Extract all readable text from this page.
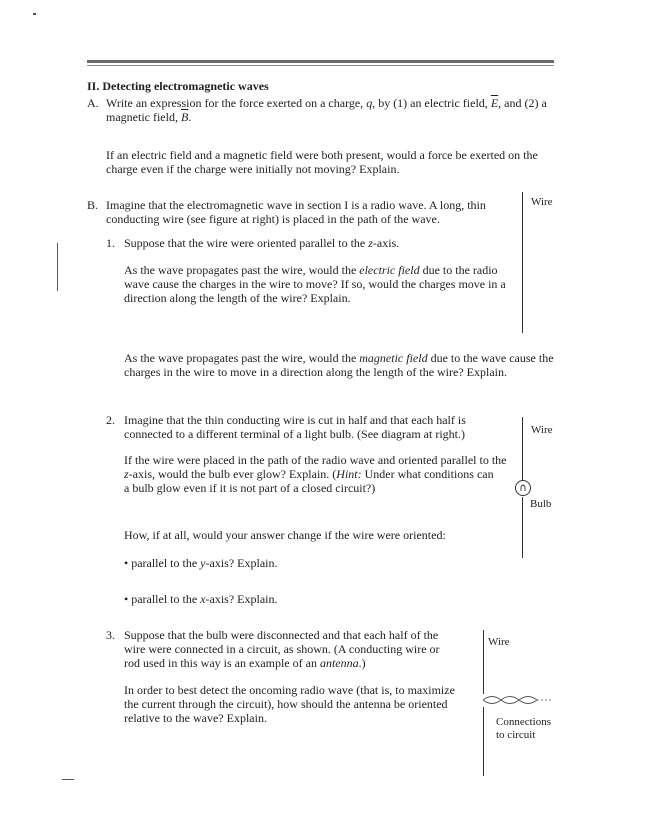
II. Detecting electromagnetic waves
A. Write an expression for the force exerted on a charge, q, by (1) an electric field, $\overline{E}$, and (2) a
magnetic field, $\overline{B}$.
If an electric field and a magnetic field were both present, would a force be exerted on the
charge even if the charge were initially not moving? Explain.
B. Imagine that the electromagnetic wave in section I is a radio wave. A long, thin
conducting wire (see figure at right) is placed in the path of the wave.
Wire
1. Suppose that the wire were oriented parallel to the z-axis.
As the wave propagates past the wire, would the electric field due to the radio
wave cause the charges in the wire to move? If so, would the charges move in a
direction along the length of the wire? Explain.
As the wave propagates past the wire, would the magnetic field due to the wave cause the
charges in the wire to move in a direction along the length of the wire? Explain.
2. Imagine that the thin conducting wire is cut in half and that each half is
connected to a different terminal of a light bulb. (See diagram at right.)
If the wire were placed in the path of the radio wave and oriented parallel to the
z-axis, would the bulb ever glow? Explain. (Hint: Under what conditions can
a bulb glow even if it is not part of a closed circuit?)
How, if at all, would your answer change if the wire were oriented:
• parallel to the y-axis? Explain.
• parallel to the x-axis? Explain.
Wire
Bulb
3. Suppose that the bulb were disconnected and that each half of the
wire were connected in a circuit, as shown. (A conducting wire or
rod used in this way is an example of an antenna.)
In order to best detect the oncoming radio wave (that is, to maximize
the current through the circuit), how should the antenna be oriented
relative to the wave? Explain.
Wire
Connections
to circuit
